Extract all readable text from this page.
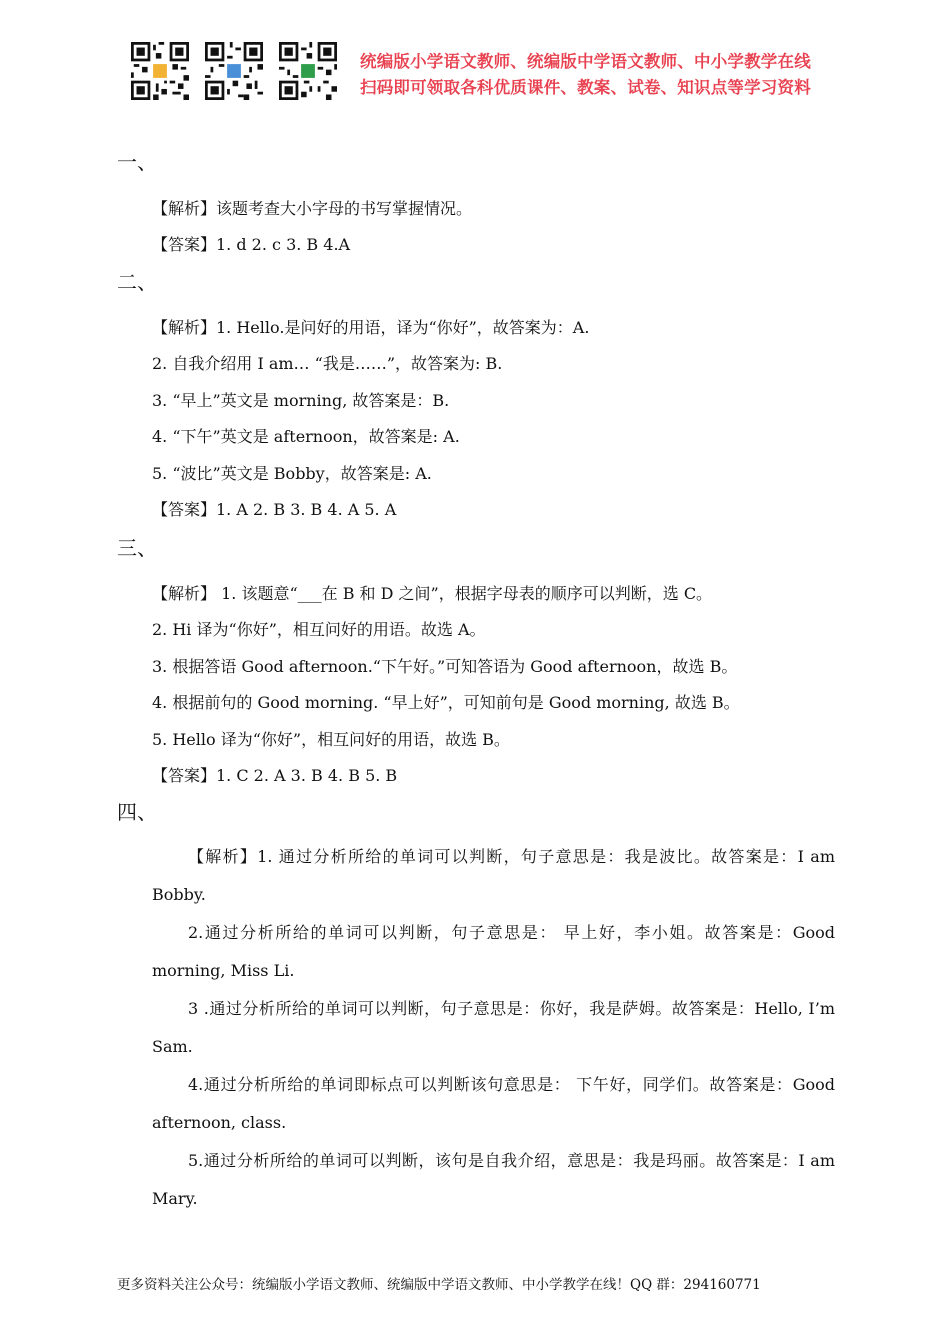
统编版小学语文教师、统编版中学语文教师、中小学教学在线
扫码即可领取各科优质课件、教案、试卷、知识点等学习资料
一、
【解析】该题考查大小字母的书写掌握情况。
【答案】1. d 2. c 3. B 4.A
二、
【解析】1. Hello.是问好的用语，译为“你好”，故答案为：A.
2. 自我介绍用 I am… “我是……”，故答案为: B.
3. “早上”英文是 morning, 故答案是：B.
4. “下午”英文是 afternoon，故答案是: A.
5. “波比”英文是 Bobby，故答案是: A.
【答案】1. A 2. B 3. B 4. A 5. A
三、
【解析】 1. 该题意“___在 B 和 D 之间”，根据字母表的顺序可以判断，选 C。
2. Hi 译为“你好”，相互问好的用语。故选 A。
3. 根据答语 Good afternoon.“下午好。”可知答语为 Good afternoon，故选 B。
4. 根据前句的 Good morning. “早上好”，可知前句是 Good morning, 故选 B。
5. Hello 译为“你好”，相互问好的用语，故选 B。
【答案】1. C 2. A 3. B 4. B 5. B
四、
【解析】1. 通过分析所给的单词可以判断，句子意思是：我是波比。故答案是：I am Bobby.
2.通过分析所给的单词可以判断，句子意思是： 早上好，李小姐。故答案是：Good morning, Miss Li.
3 .通过分析所给的单词可以判断，句子意思是：你好，我是萨姆。故答案是：Hello, I’m Sam.
4.通过分析所给的单词即标点可以判断该句意思是： 下午好，同学们。故答案是：Good afternoon, class.
5.通过分析所给的单词可以判断，该句是自我介绍，意思是：我是玛丽。故答案是：I am Mary.
更多资料关注公众号：统编版小学语文教师、统编版中学语文教师、中小学教学在线！QQ 群：294160771
